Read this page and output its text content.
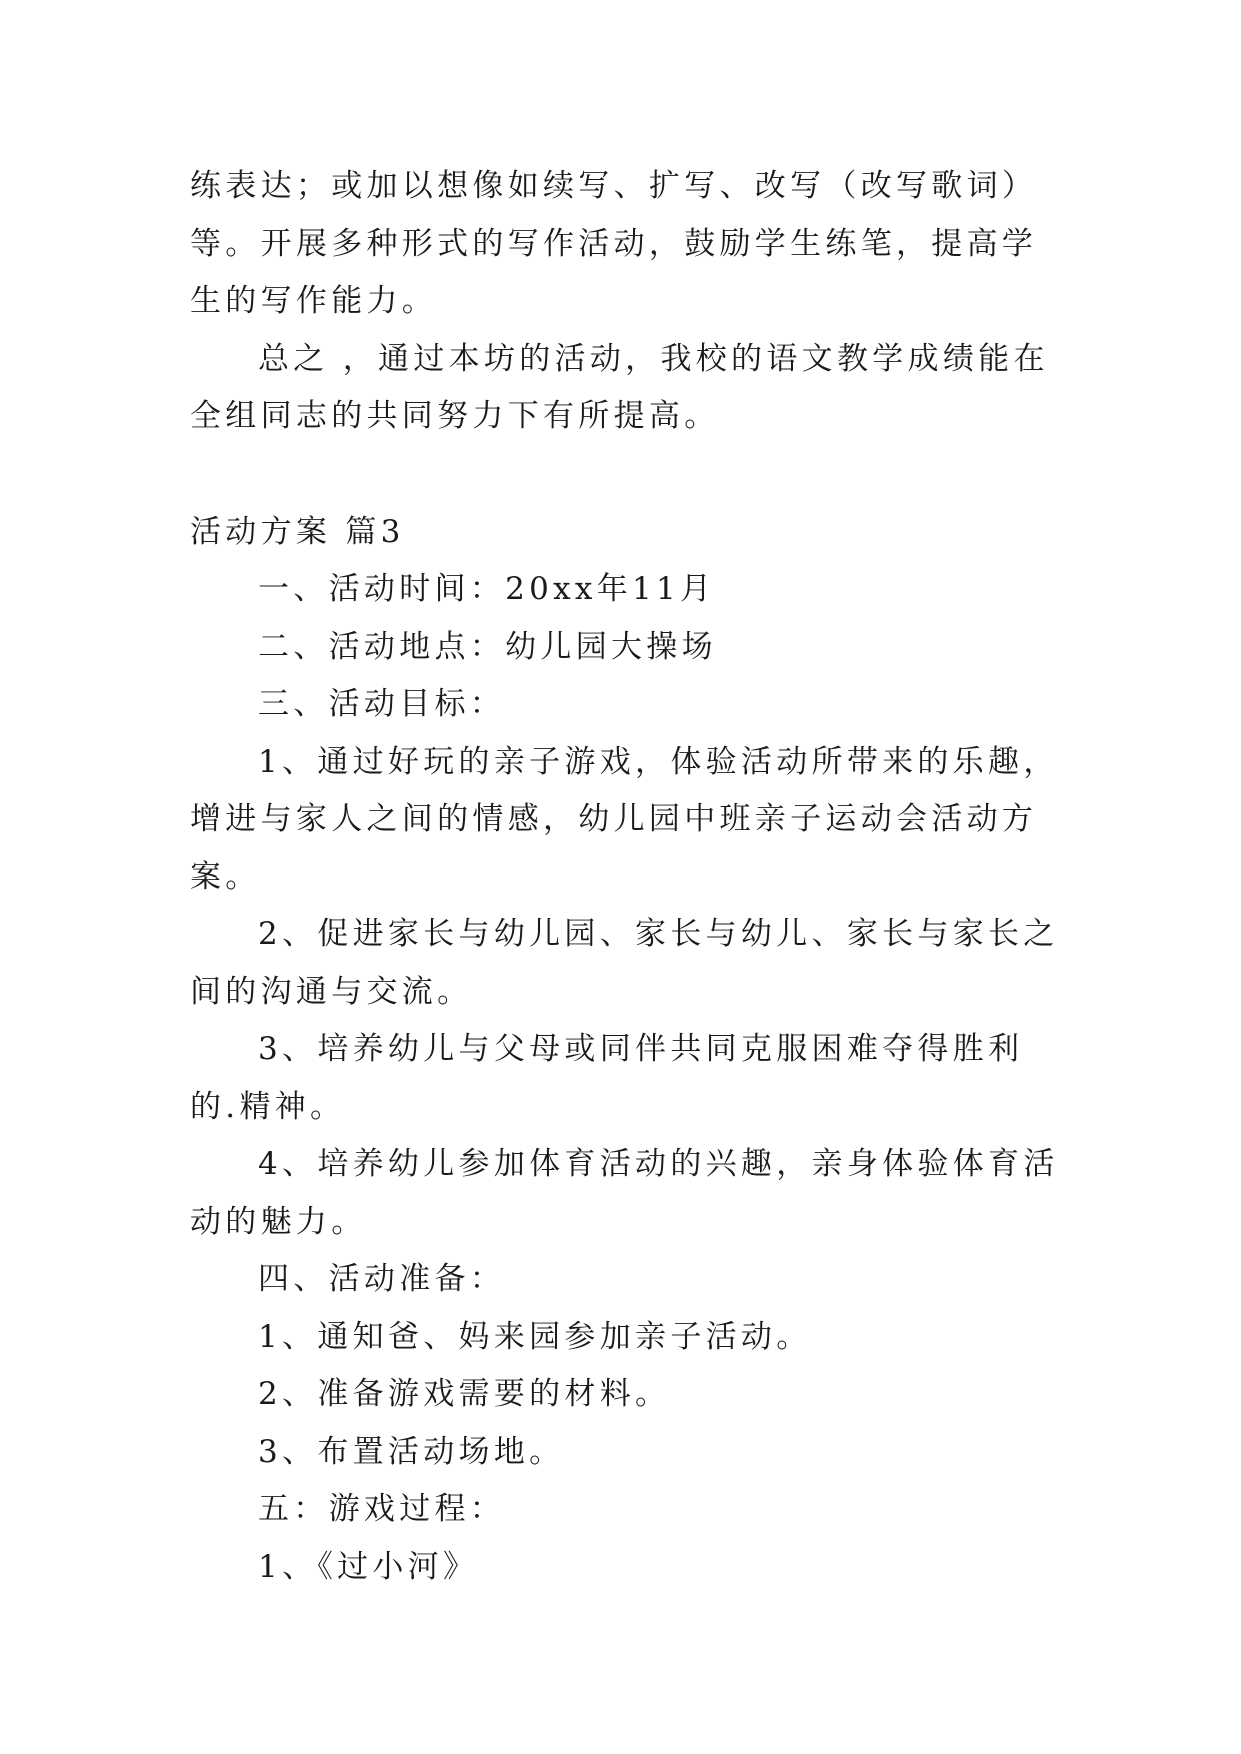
练表达；或加以想像如续写、扩写、改写（改写歌词）等。开展多种形式的写作活动，鼓励学生练笔，提高学生的写作能力。

总之 ，通过本坊的活动，我校的语文教学成绩能在全组同志的共同努力下有所提高。

活动方案 篇3

一、活动时间：20xx年11月

二、活动地点：幼儿园大操场

三、活动目标：

1、通过好玩的亲子游戏，体验活动所带来的乐趣，增进与家人之间的情感，幼儿园中班亲子运动会活动方案。

2、促进家长与幼儿园、家长与幼儿、家长与家长之间的沟通与交流。

3、培养幼儿与父母或同伴共同克服困难夺得胜利的.精神。

4、培养幼儿参加体育活动的兴趣，亲身体验体育活动的魅力。

四、活动准备：

1、通知爸、妈来园参加亲子活动。

2、准备游戏需要的材料。

3、布置活动场地。

五：游戏过程：

1、《过小河》
